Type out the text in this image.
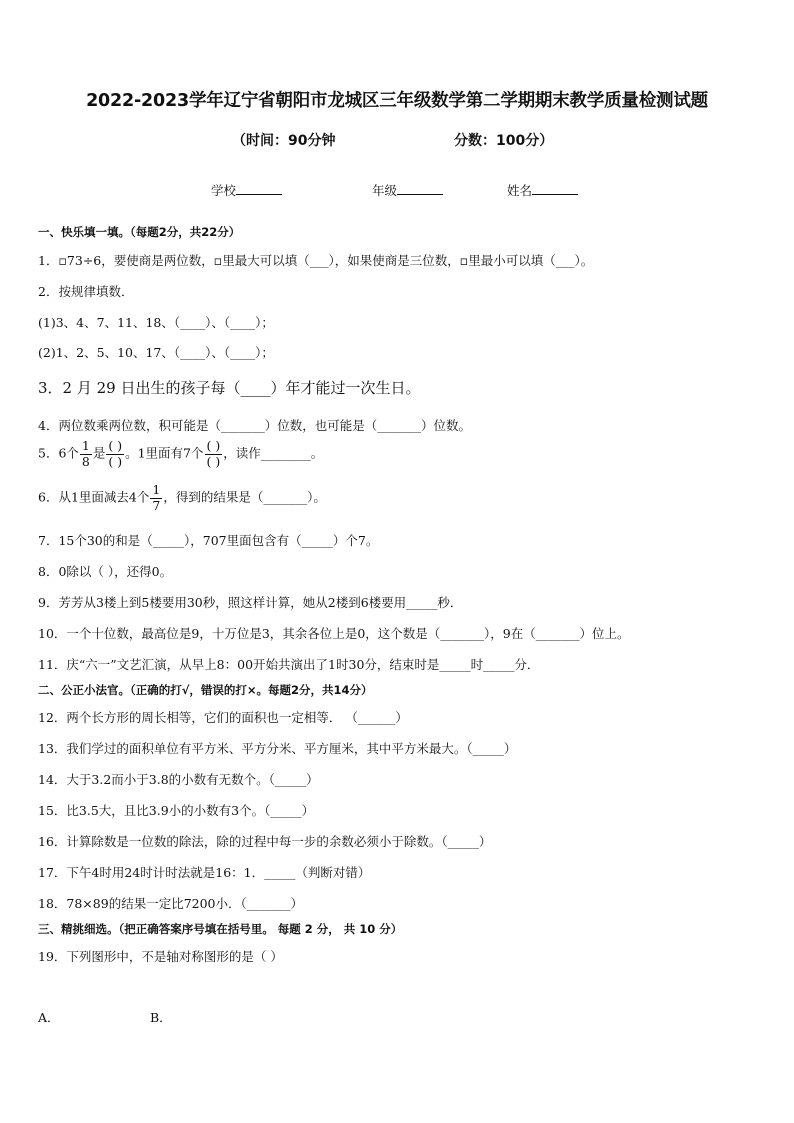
2022-2023学年辽宁省朝阳市龙城区三年级数学第二学期期末教学质量检测试题
（时间：90分钟	分数：100分）
学校	年级	姓名
一、快乐填一填。（每题2分，共22分）
1．▫73÷6，要使商是两位数，▫里最大可以填（___），如果使商是三位数，▫里最小可以填（___）。
2．按规律填数．
(1)3、4、7、11、18、（____）、（____）；
(2)1、2、5、10、17、（____）、（____）；
3．2 月 29 日出生的孩子每（____）年才能过一次生日。
4．两位数乘两位数，积可能是（_______）位数，也可能是（_______）位数。
5．6个 $\frac{1}{8}$ 是 $\frac{( )}{( )}$ 。1里面有7个 $\frac{( )}{( )}$ ，读作________。
6．从1里面减去4个 $\frac{1}{7}$ ，得到的结果是（_______）。
7．15个30的和是（_____），707里面包含有（_____）个7。
8．0除以（ ），还得0。
9．芳芳从3楼上到5楼要用30秒，照这样计算，她从2楼到6楼要用_____秒．
10．一个十位数，最高位是9，十万位是3，其余各位上是0，这个数是（_______），9在（_______）位上。
11．庆“六一”文艺汇演，从早上8：00开始共演出了1时30分，结束时是_____时_____分．
二、公正小法官。（正确的打√，错误的打×。每题2分，共14分）
12．两个长方形的周长相等，它们的面积也一定相等． （______）
13．我们学过的面积单位有平方米、平方分米、平方厘米，其中平方米最大。（_____）
14．大于3.2而小于3.8的小数有无数个。（_____）
15．比3.5大，且比3.9小的小数有3个。（_____）
16．计算除数是一位数的除法，除的过程中每一步的余数必须小于除数。（_____）
17．下午4时用24时计时法就是16：1．_____（判断对错）
18．78×89的结果一定比7200小．（_______）
三、精挑细选。（把正确答案序号填在括号里。 每题 2 分， 共 10 分）
19．下列图形中，不是轴对称图形的是（ ）
A．	B．
